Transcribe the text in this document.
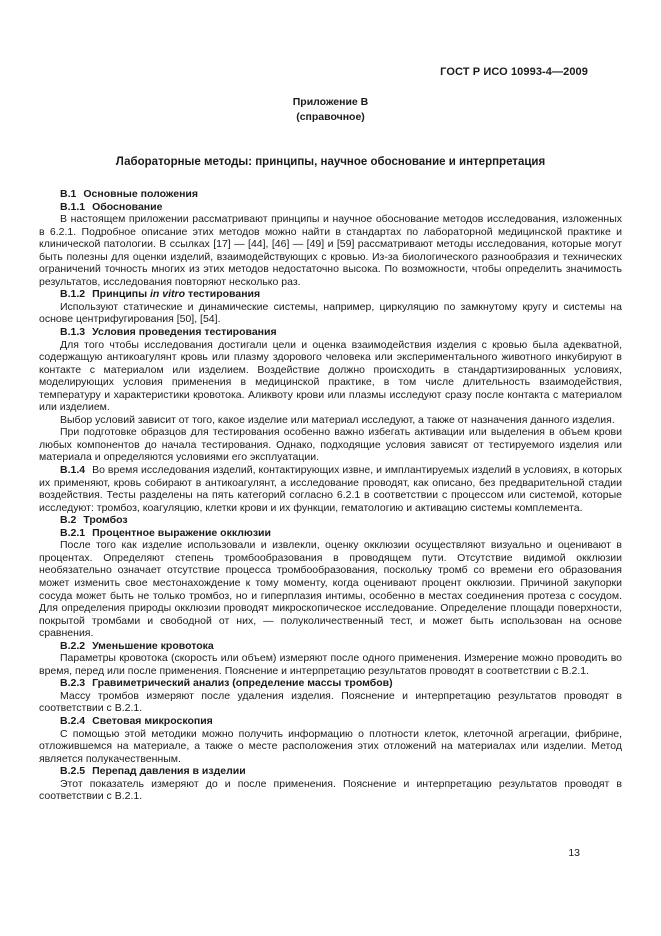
ГОСТ Р ИСО 10993-4—2009
Приложение В
(справочное)
Лабораторные методы: принципы, научное обоснование и интерпретация

В.1 Основные положения

В.1.1 Обоснование

В настоящем приложении рассматривают принципы и научное обоснование методов исследования, изложенных в 6.2.1. Подробное описание этих методов можно найти в стандартах по лабораторной медицинской практике и клинической патологии. В ссылках [17] — [44], [46] — [49] и [59] рассматривают методы исследования, которые могут быть полезны для оценки изделий, взаимодействующих с кровью. Из-за биологического разнообразия и технических ограничений точность многих из этих методов недостаточно высока. По возможности, чтобы определить значимость результатов, исследования повторяют несколько раз.

В.1.2 Принципы in vitro тестирования

Используют статические и динамические системы, например, циркуляцию по замкнутому кругу и системы на основе центрифугирования [50], [54].

В.1.3 Условия проведения тестирования

Для того чтобы исследования достигали цели и оценка взаимодействия изделия с кровью была адекватной, содержащую антикоагулянт кровь или плазму здорового человека или экспериментального животного инкубируют в контакте с материалом или изделием. Воздействие должно происходить в стандартизированных условиях, моделирующих условия применения в медицинской практике, в том числе длительность взаимодействия, температуру и характеристики кровотока. Аликвоту крови или плазмы исследуют сразу после контакта с материалом или изделием.

Выбор условий зависит от того, какое изделие или материал исследуют, а также от назначения данного изделия.

При подготовке образцов для тестирования особенно важно избегать активации или выделения в объем крови любых компонентов до начала тестирования. Однако, подходящие условия зависят от тестируемого изделия или материала и определяются условиями его эксплуатации.

В.1.4 Во время исследования изделий, контактирующих извне, и имплантируемых изделий в условиях, в которых их применяют, кровь собирают в антикоагулянт, а исследование проводят, как описано, без предварительной стадии воздействия. Тесты разделены на пять категорий согласно 6.2.1 в соответствии с процессом или системой, которые исследуют: тромбоз, коагуляцию, клетки крови и их функции, гематологию и активацию системы комплемента.

В.2 Тромбоз

В.2.1 Процентное выражение окклюзии

После того как изделие использовали и извлекли, оценку окклюзии осуществляют визуально и оценивают в процентах. Определяют степень тромбообразования в проводящем пути. Отсутствие видимой окклюзии необязательно означает отсутствие процесса тромбообразования, поскольку тромб со времени его образования может изменить свое местонахождение к тому моменту, когда оценивают процент окклюзии. Причиной закупорки сосуда может быть не только тромбоз, но и гиперплазия интимы, особенно в местах соединения протеза с сосудом. Для определения природы окклюзии проводят микроскопическое исследование. Определение площади поверхности, покрытой тромбами и свободной от них, — полуколичественный тест, и может быть использован на основе сравнения.

В.2.2 Уменьшение кровотока

Параметры кровотока (скорость или объем) измеряют после одного применения. Измерение можно проводить во время, перед или после применения. Пояснение и интерпретацию результатов проводят в соответствии с В.2.1.

В.2.3 Гравиметрический анализ (определение массы тромбов)

Массу тромбов измеряют после удаления изделия. Пояснение и интерпретацию результатов проводят в соответствии с В.2.1.

В.2.4 Световая микроскопия

С помощью этой методики можно получить информацию о плотности клеток, клеточной агрегации, фибрине, отложившемся на материале, а также о месте расположения этих отложений на материалах или изделии. Метод является полукачественным.

В.2.5 Перепад давления в изделии

Этот показатель измеряют до и после применения. Пояснение и интерпретацию результатов проводят в соответствии с В.2.1.

13
